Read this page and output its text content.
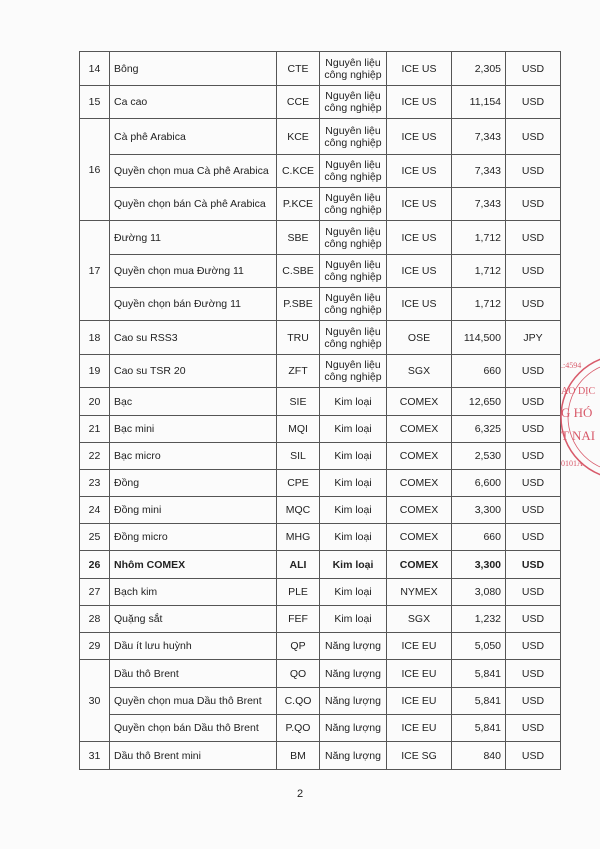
14	Bông	CTE	Nguyên liệu công nghiệp	ICE US	2,305	USD
15	Ca cao	CCE	Nguyên liệu công nghiệp	ICE US	11,154	USD
16	Cà phê Arabica	KCE	Nguyên liệu công nghiệp	ICE US	7,343	USD
	Quyền chọn mua Cà phê Arabica	C.KCE	Nguyên liệu công nghiệp	ICE US	7,343	USD
	Quyền chọn bán Cà phê Arabica	P.KCE	Nguyên liệu công nghiệp	ICE US	7,343	USD
17	Đường 11	SBE	Nguyên liệu công nghiệp	ICE US	1,712	USD
	Quyền chọn mua Đường 11	C.SBE	Nguyên liệu công nghiệp	ICE US	1,712	USD
	Quyền chọn bán Đường 11	P.SBE	Nguyên liệu công nghiệp	ICE US	1,712	USD
18	Cao su RSS3	TRU	Nguyên liệu công nghiệp	OSE	114,500	JPY
19	Cao su TSR 20	ZFT	Nguyên liệu công nghiệp	SGX	660	USD
20	Bạc	SIE	Kim loại	COMEX	12,650	USD
21	Bạc mini	MQI	Kim loại	COMEX	6,325	USD
22	Bạc micro	SIL	Kim loại	COMEX	2,530	USD
23	Đồng	CPE	Kim loại	COMEX	6,600	USD
24	Đồng mini	MQC	Kim loại	COMEX	3,300	USD
25	Đồng micro	MHG	Kim loại	COMEX	660	USD
26	Nhôm COMEX	ALI	Kim loại	COMEX	3,300	USD
27	Bạch kim	PLE	Kim loại	NYMEX	3,080	USD
28	Quặng sắt	FEF	Kim loại	SGX	1,232	USD
29	Dầu ít lưu huỳnh	QP	Năng lượng	ICE EU	5,050	USD
30	Dầu thô Brent	QO	Năng lượng	ICE EU	5,841	USD
	Quyền chọn mua Dầu thô Brent	C.QO	Năng lượng	ICE EU	5,841	USD
	Quyền chọn bán Dầu thô Brent	P.QO	Năng lượng	ICE EU	5,841	USD
31	Dầu thô Brent mini	BM	Năng lượng	ICE SG	840	USD
2
.:4594
AO DỊC
G HÓ
T NAI
0101A
